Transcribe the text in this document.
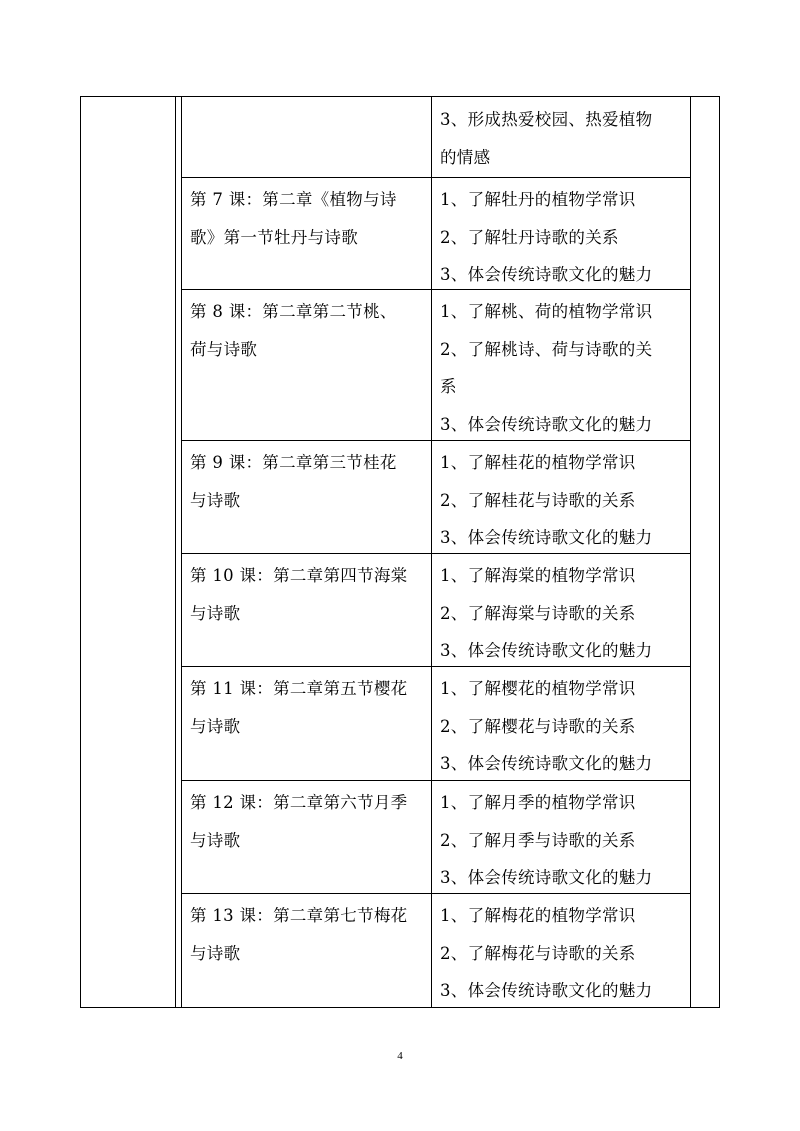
3、形成热爱校园、热爱植物
的情感
第 7 课：第二章《植物与诗
歌》第一节牡丹与诗歌
1、了解牡丹的植物学常识
2、了解牡丹诗歌的关系
3、体会传统诗歌文化的魅力
第 8 课：第二章第二节桃、
荷与诗歌
1、了解桃、荷的植物学常识
2、了解桃诗、荷与诗歌的关
系
3、体会传统诗歌文化的魅力
第 9 课：第二章第三节桂花
与诗歌
1、了解桂花的植物学常识
2、了解桂花与诗歌的关系
3、体会传统诗歌文化的魅力
第 10 课：第二章第四节海棠
与诗歌
1、了解海棠的植物学常识
2、了解海棠与诗歌的关系
3、体会传统诗歌文化的魅力
第 11 课：第二章第五节樱花
与诗歌
1、了解樱花的植物学常识
2、了解樱花与诗歌的关系
3、体会传统诗歌文化的魅力
第 12 课：第二章第六节月季
与诗歌
1、了解月季的植物学常识
2、了解月季与诗歌的关系
3、体会传统诗歌文化的魅力
第 13 课：第二章第七节梅花
与诗歌
1、了解梅花的植物学常识
2、了解梅花与诗歌的关系
3、体会传统诗歌文化的魅力
4
